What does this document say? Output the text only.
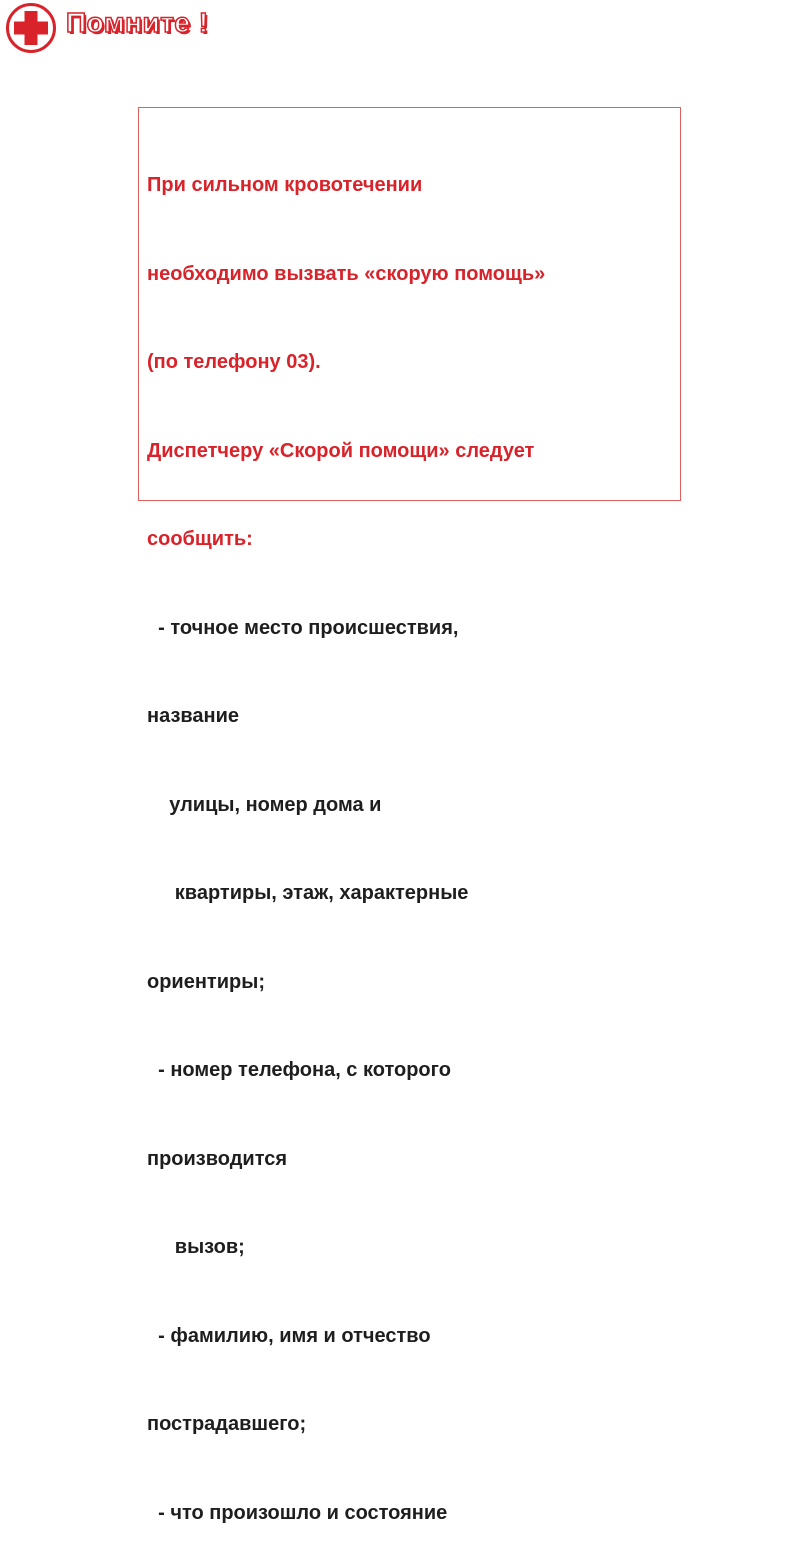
Помните !

При сильном кровотечении

необходимо вызвать «скорую помощь»

(по телефону 03).

Диспетчеру «Скорой помощи» следует

сообщить:

- точное место происшествия,

название

улицы, номер дома и

квартиры, этаж, характерные

ориентиры;

- номер телефона, с которого

производится

вызов;

- фамилию, имя и отчество

пострадавшего;

- что произошло и состояние
